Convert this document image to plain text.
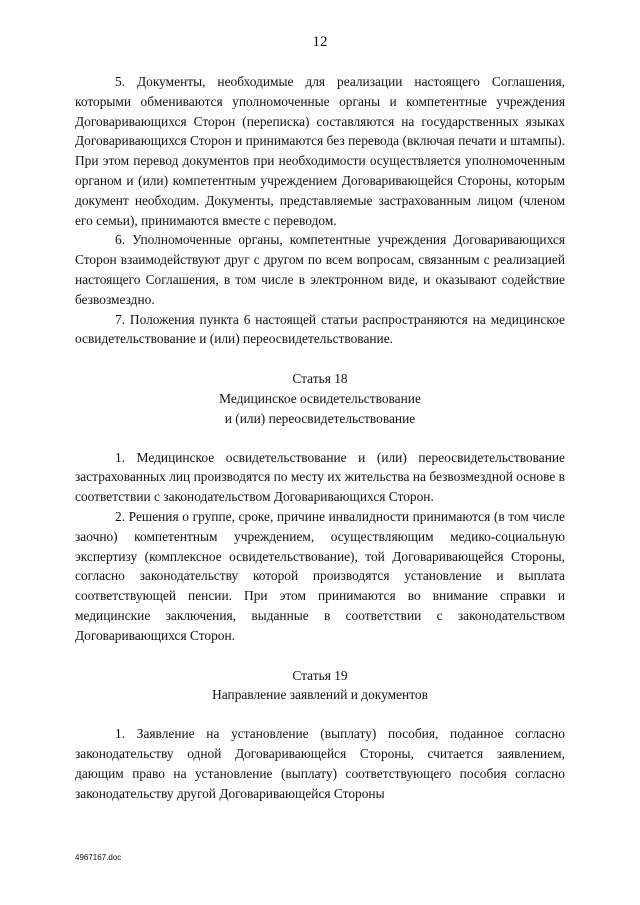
12

5. Документы, необходимые для реализации настоящего Соглашения, которыми обмениваются уполномоченные органы и компетентные учреждения Договаривающихся Сторон (переписка) составляются на государственных языках Договаривающихся Сторон и принимаются без перевода (включая печати и штампы). При этом перевод документов при необходимости осуществляется уполномоченным органом и (или) компетентным учреждением Договаривающейся Стороны, которым документ необходим. Документы, представляемые застрахованным лицом (членом его семьи), принимаются вместе с переводом.

6. Уполномоченные органы, компетентные учреждения Договаривающихся Сторон взаимодействуют друг с другом по всем вопросам, связанным с реализацией настоящего Соглашения, в том числе в электронном виде, и оказывают содействие безвозмездно.

7. Положения пункта 6 настоящей статьи распространяются на медицинское освидетельствование и (или) переосвидетельствование.

Статья 18

Медицинское освидетельствование

и (или) переосвидетельствование

1. Медицинское освидетельствование и (или) переосвидетельствование застрахованных лиц производятся по месту их жительства на безвозмездной основе в соответствии с законодательством Договаривающихся Сторон.

2. Решения о группе, сроке, причине инвалидности принимаются (в том числе заочно) компетентным учреждением, осуществляющим медико-социальную экспертизу (комплексное освидетельствование), той Договаривающейся Стороны, согласно законодательству которой производятся установление и выплата соответствующей пенсии. При этом принимаются во внимание справки и медицинские заключения, выданные в соответствии с законодательством Договаривающихся Сторон.

Статья 19

Направление заявлений и документов

1. Заявление на установление (выплату) пособия, поданное согласно законодательству одной Договаривающейся Стороны, считается заявлением, дающим право на установление (выплату) соответствующего пособия согласно законодательству другой Договаривающейся Стороны

4967167.doc
